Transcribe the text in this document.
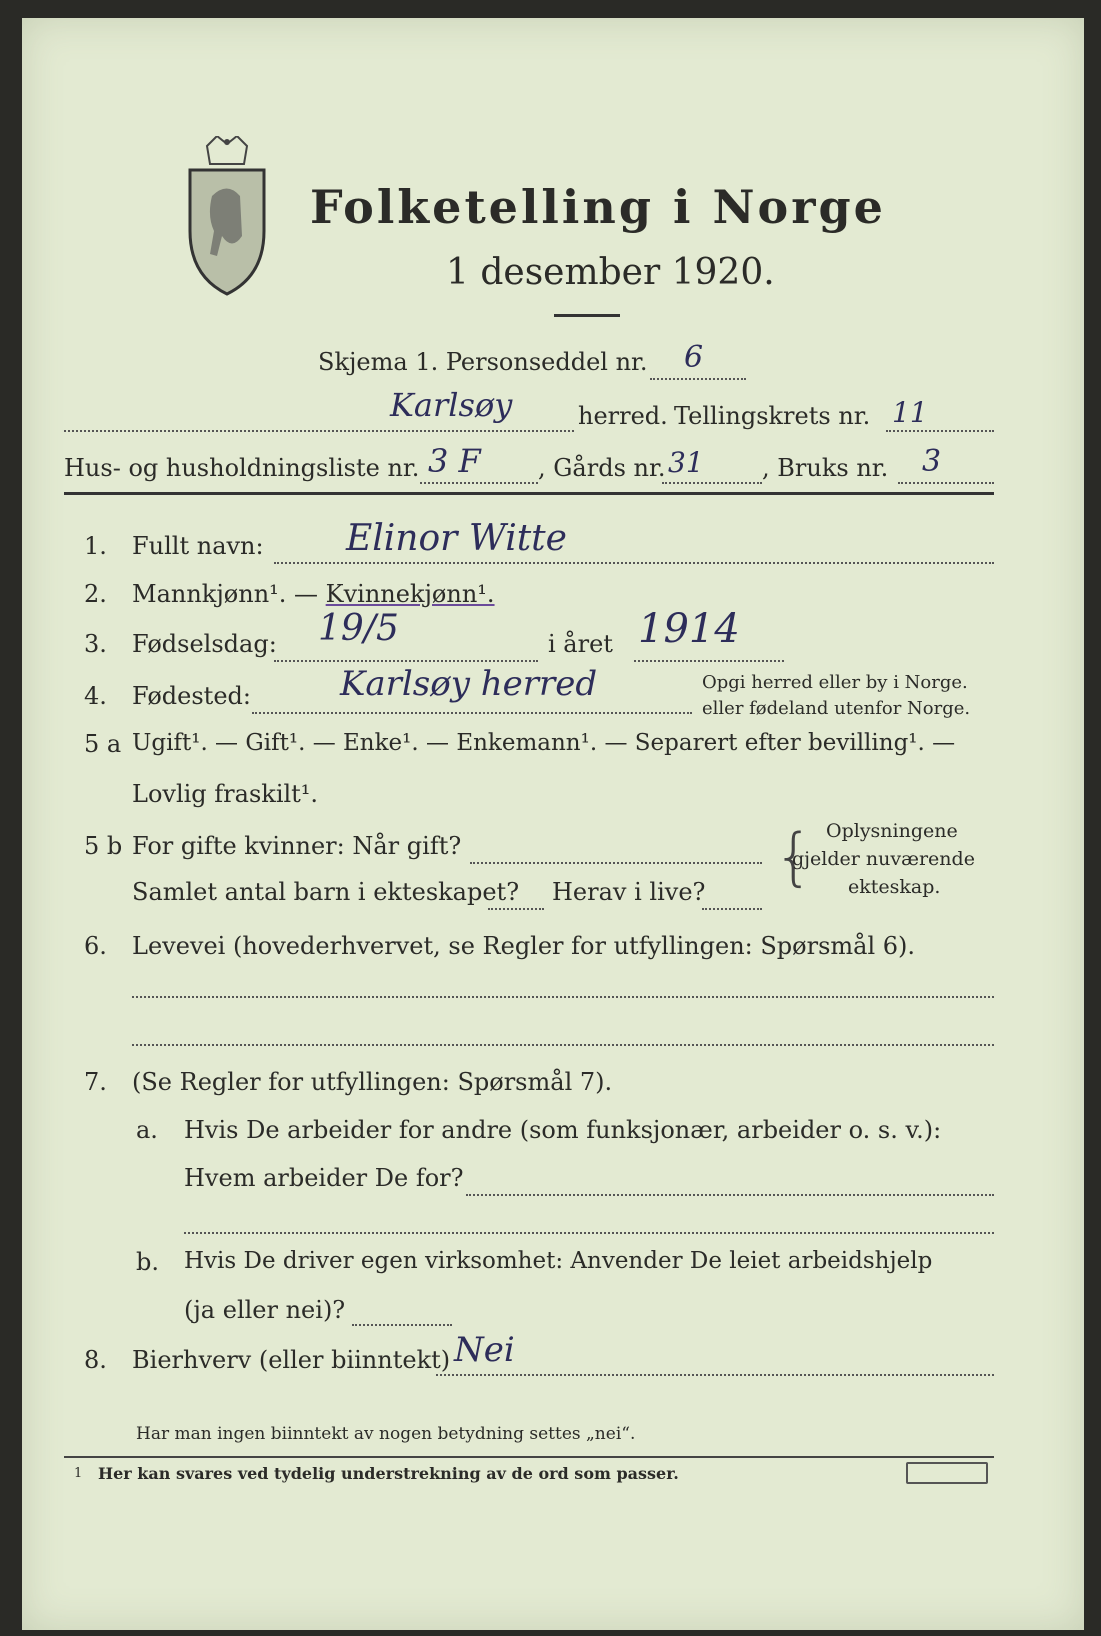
Folketelling i Norge
1 desember 1920.
Skjema 1. Personseddel nr. 6
Karlsøy	herred. Tellingskrets nr. 11
Hus- og husholdningsliste nr. 3 F , Gårds nr. 31 , Bruks nr. 3
1. Fullt navn: Elinor Witte
2. Mannkjønn¹. — Kvinnekjønn¹.
3. Fødselsdag: 19/5	i året 1914
4. Fødested:	Karlsøy herred	Opgi herred eller by i Norge.
eller fødeland utenfor Norge.
5 a Ugift¹. — Gift¹. — Enke¹. — Enkemann¹. — Separert efter bevilling¹. —
Lovlig fraskilt¹.
5 b For gifte kvinner: Når gift?
Samlet antal barn i ekteskapet? Herav i live? { Oplysningene
gjelder nuværende
ekteskap.
6. Levevei (hovederhvervet, se Regler for utfyllingen: Spørsmål 6).
7. (Se Regler for utfyllingen: Spørsmål 7).
a. Hvis De arbeider for andre (som funksjonær, arbeider o. s. v.):
Hvem arbeider De for?
b. Hvis De driver egen virksomhet: Anvender De leiet arbeidshjelp
(ja eller nei)?
8. Bierhverv (eller biinntekt) Nei
Har man ingen biinntekt av nogen betydning settes „nei“.
1 Her kan svares ved tydelig understrekning av de ord som passer.
